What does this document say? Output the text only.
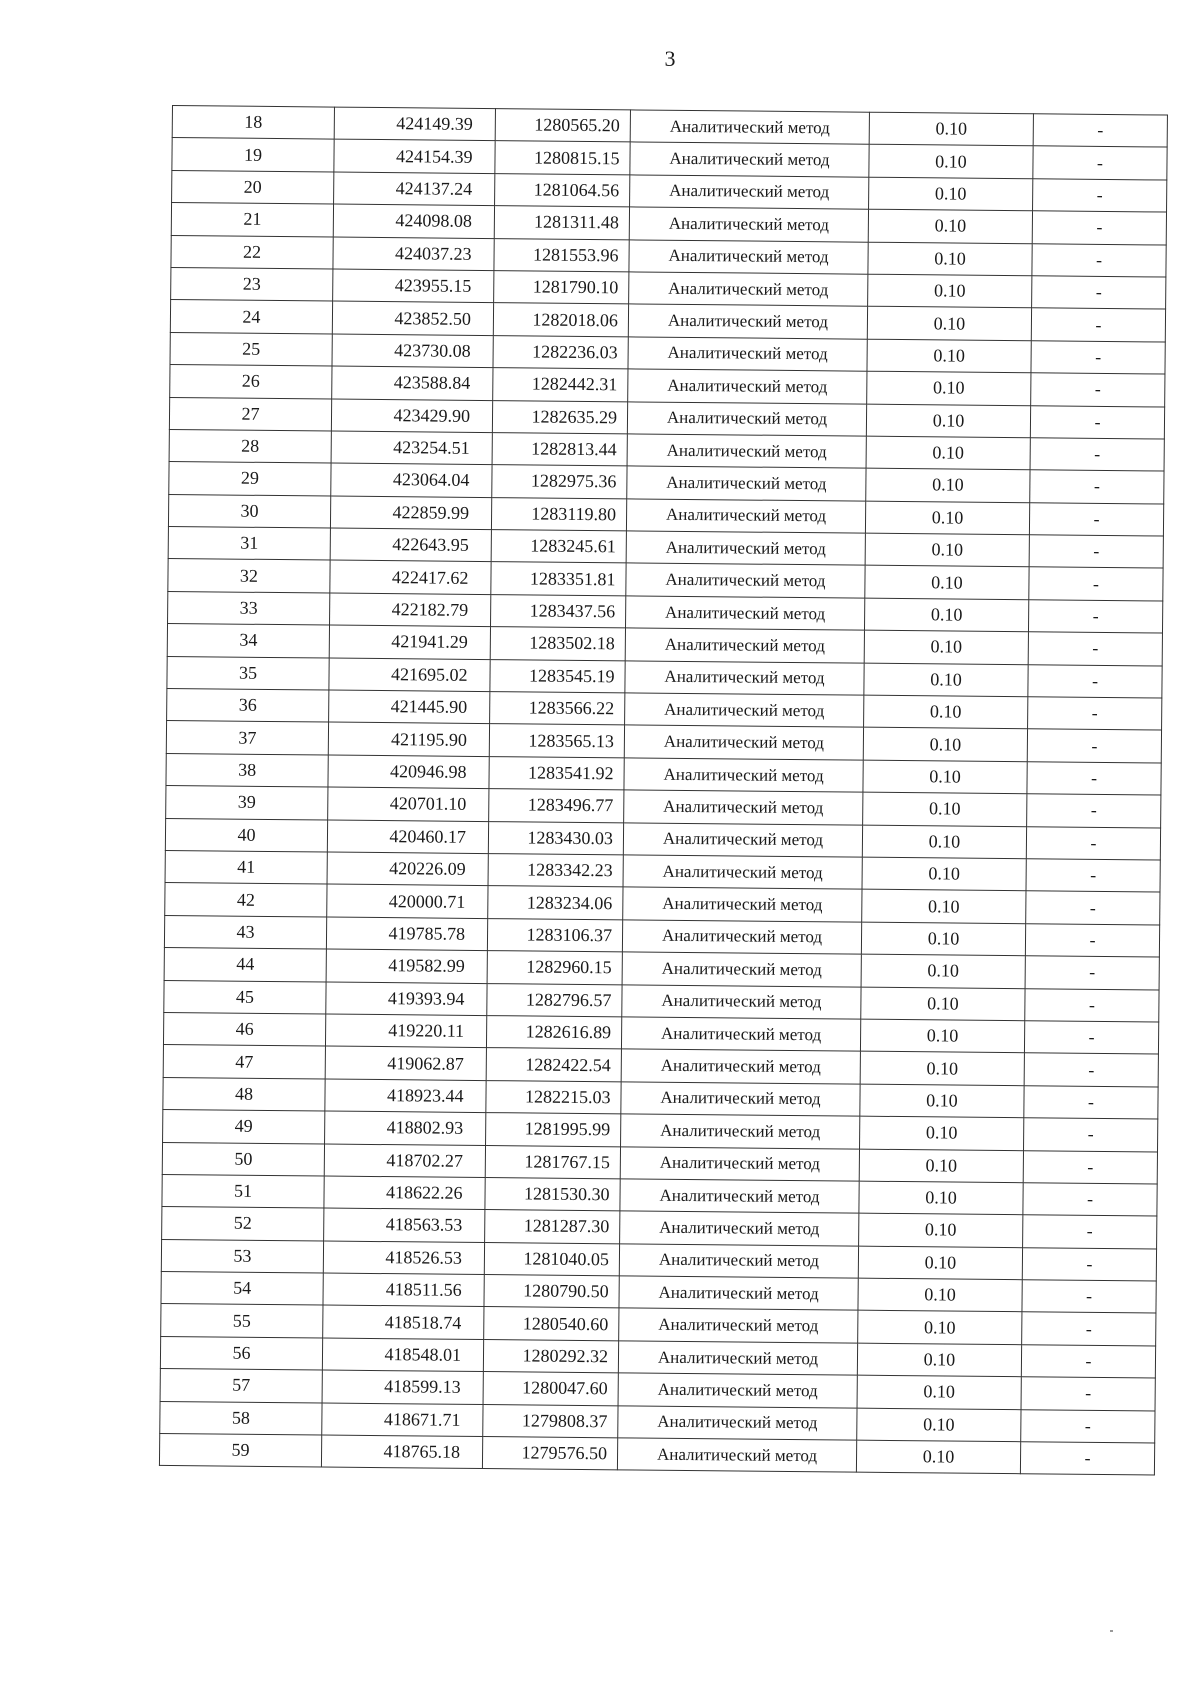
3
18	424149.39	1280565.20	Аналитический метод	0.10	-
19	424154.39	1280815.15	Аналитический метод	0.10	-
20	424137.24	1281064.56	Аналитический метод	0.10	-
21	424098.08	1281311.48	Аналитический метод	0.10	-
22	424037.23	1281553.96	Аналитический метод	0.10	-
23	423955.15	1281790.10	Аналитический метод	0.10	-
24	423852.50	1282018.06	Аналитический метод	0.10	-
25	423730.08	1282236.03	Аналитический метод	0.10	-
26	423588.84	1282442.31	Аналитический метод	0.10	-
27	423429.90	1282635.29	Аналитический метод	0.10	-
28	423254.51	1282813.44	Аналитический метод	0.10	-
29	423064.04	1282975.36	Аналитический метод	0.10	-
30	422859.99	1283119.80	Аналитический метод	0.10	-
31	422643.95	1283245.61	Аналитический метод	0.10	-
32	422417.62	1283351.81	Аналитический метод	0.10	-
33	422182.79	1283437.56	Аналитический метод	0.10	-
34	421941.29	1283502.18	Аналитический метод	0.10	-
35	421695.02	1283545.19	Аналитический метод	0.10	-
36	421445.90	1283566.22	Аналитический метод	0.10	-
37	421195.90	1283565.13	Аналитический метод	0.10	-
38	420946.98	1283541.92	Аналитический метод	0.10	-
39	420701.10	1283496.77	Аналитический метод	0.10	-
40	420460.17	1283430.03	Аналитический метод	0.10	-
41	420226.09	1283342.23	Аналитический метод	0.10	-
42	420000.71	1283234.06	Аналитический метод	0.10	-
43	419785.78	1283106.37	Аналитический метод	0.10	-
44	419582.99	1282960.15	Аналитический метод	0.10	-
45	419393.94	1282796.57	Аналитический метод	0.10	-
46	419220.11	1282616.89	Аналитический метод	0.10	-
47	419062.87	1282422.54	Аналитический метод	0.10	-
48	418923.44	1282215.03	Аналитический метод	0.10	-
49	418802.93	1281995.99	Аналитический метод	0.10	-
50	418702.27	1281767.15	Аналитический метод	0.10	-
51	418622.26	1281530.30	Аналитический метод	0.10	-
52	418563.53	1281287.30	Аналитический метод	0.10	-
53	418526.53	1281040.05	Аналитический метод	0.10	-
54	418511.56	1280790.50	Аналитический метод	0.10	-
55	418518.74	1280540.60	Аналитический метод	0.10	-
56	418548.01	1280292.32	Аналитический метод	0.10	-
57	418599.13	1280047.60	Аналитический метод	0.10	-
58	418671.71	1279808.37	Аналитический метод	0.10	-
59	418765.18	1279576.50	Аналитический метод	0.10	-
